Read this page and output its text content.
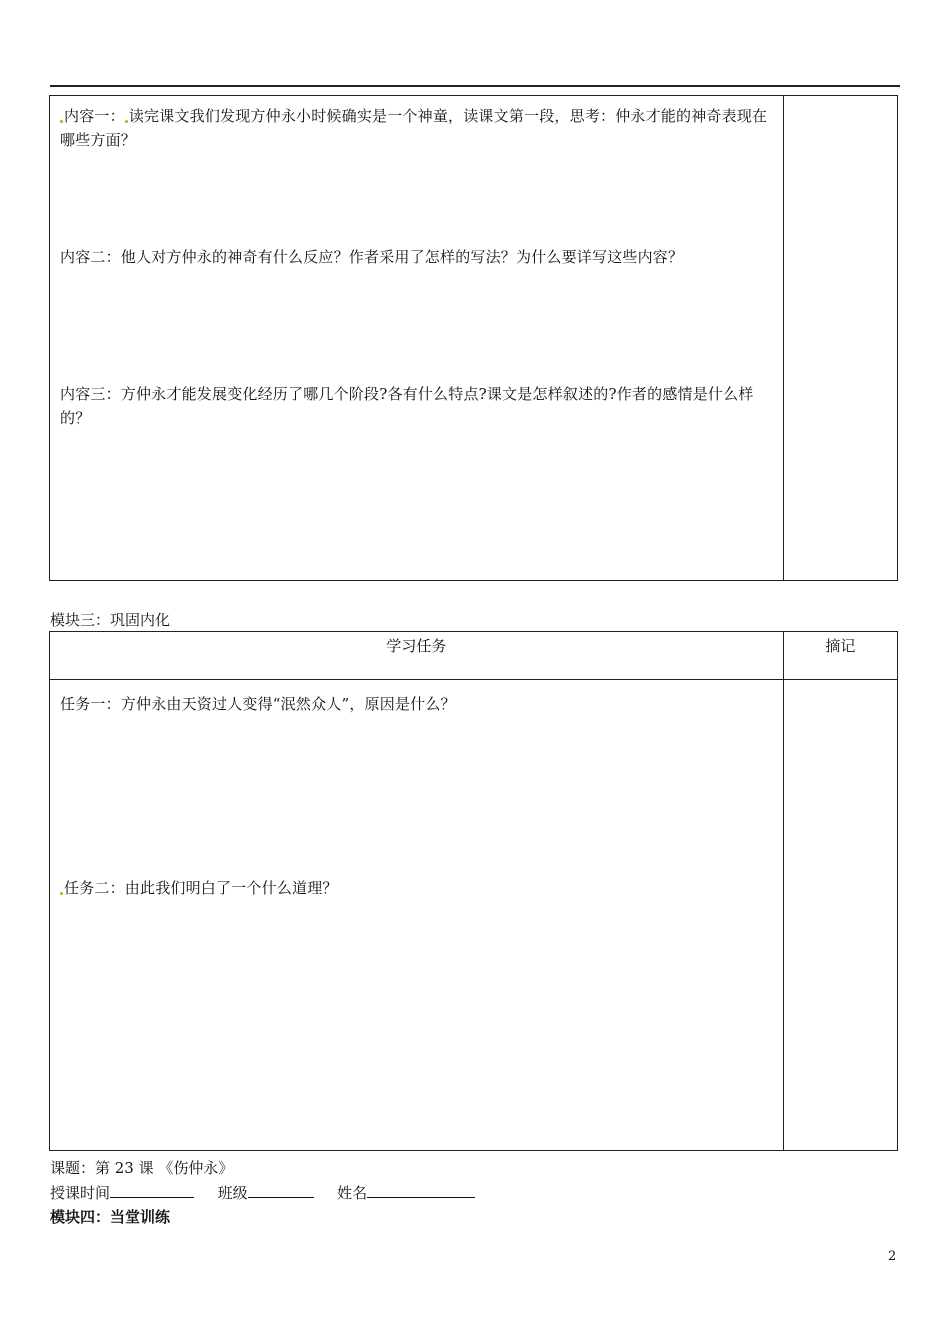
内容一： 读完课文我们发现方仲永小时候确实是一个神童，读课文第一段，思考：仲永才能的神奇表现在哪些方面？
内容二：他人对方仲永的神奇有什么反应？作者采用了怎样的写法？为什么要详写这些内容？
内容三：方仲永才能发展变化经历了哪几个阶段?各有什么特点?课文是怎样叙述的?作者的感情是什么样的？

模块三：巩固内化
学习任务	摘记

任务一：方仲永由天资过人变得“泯然众人”，原因是什么？
任务二：由此我们明白了一个什么道理？	

课题：第 23 课 《伤仲永》
授课时间	班级	姓名
模块四：当堂训练
2
